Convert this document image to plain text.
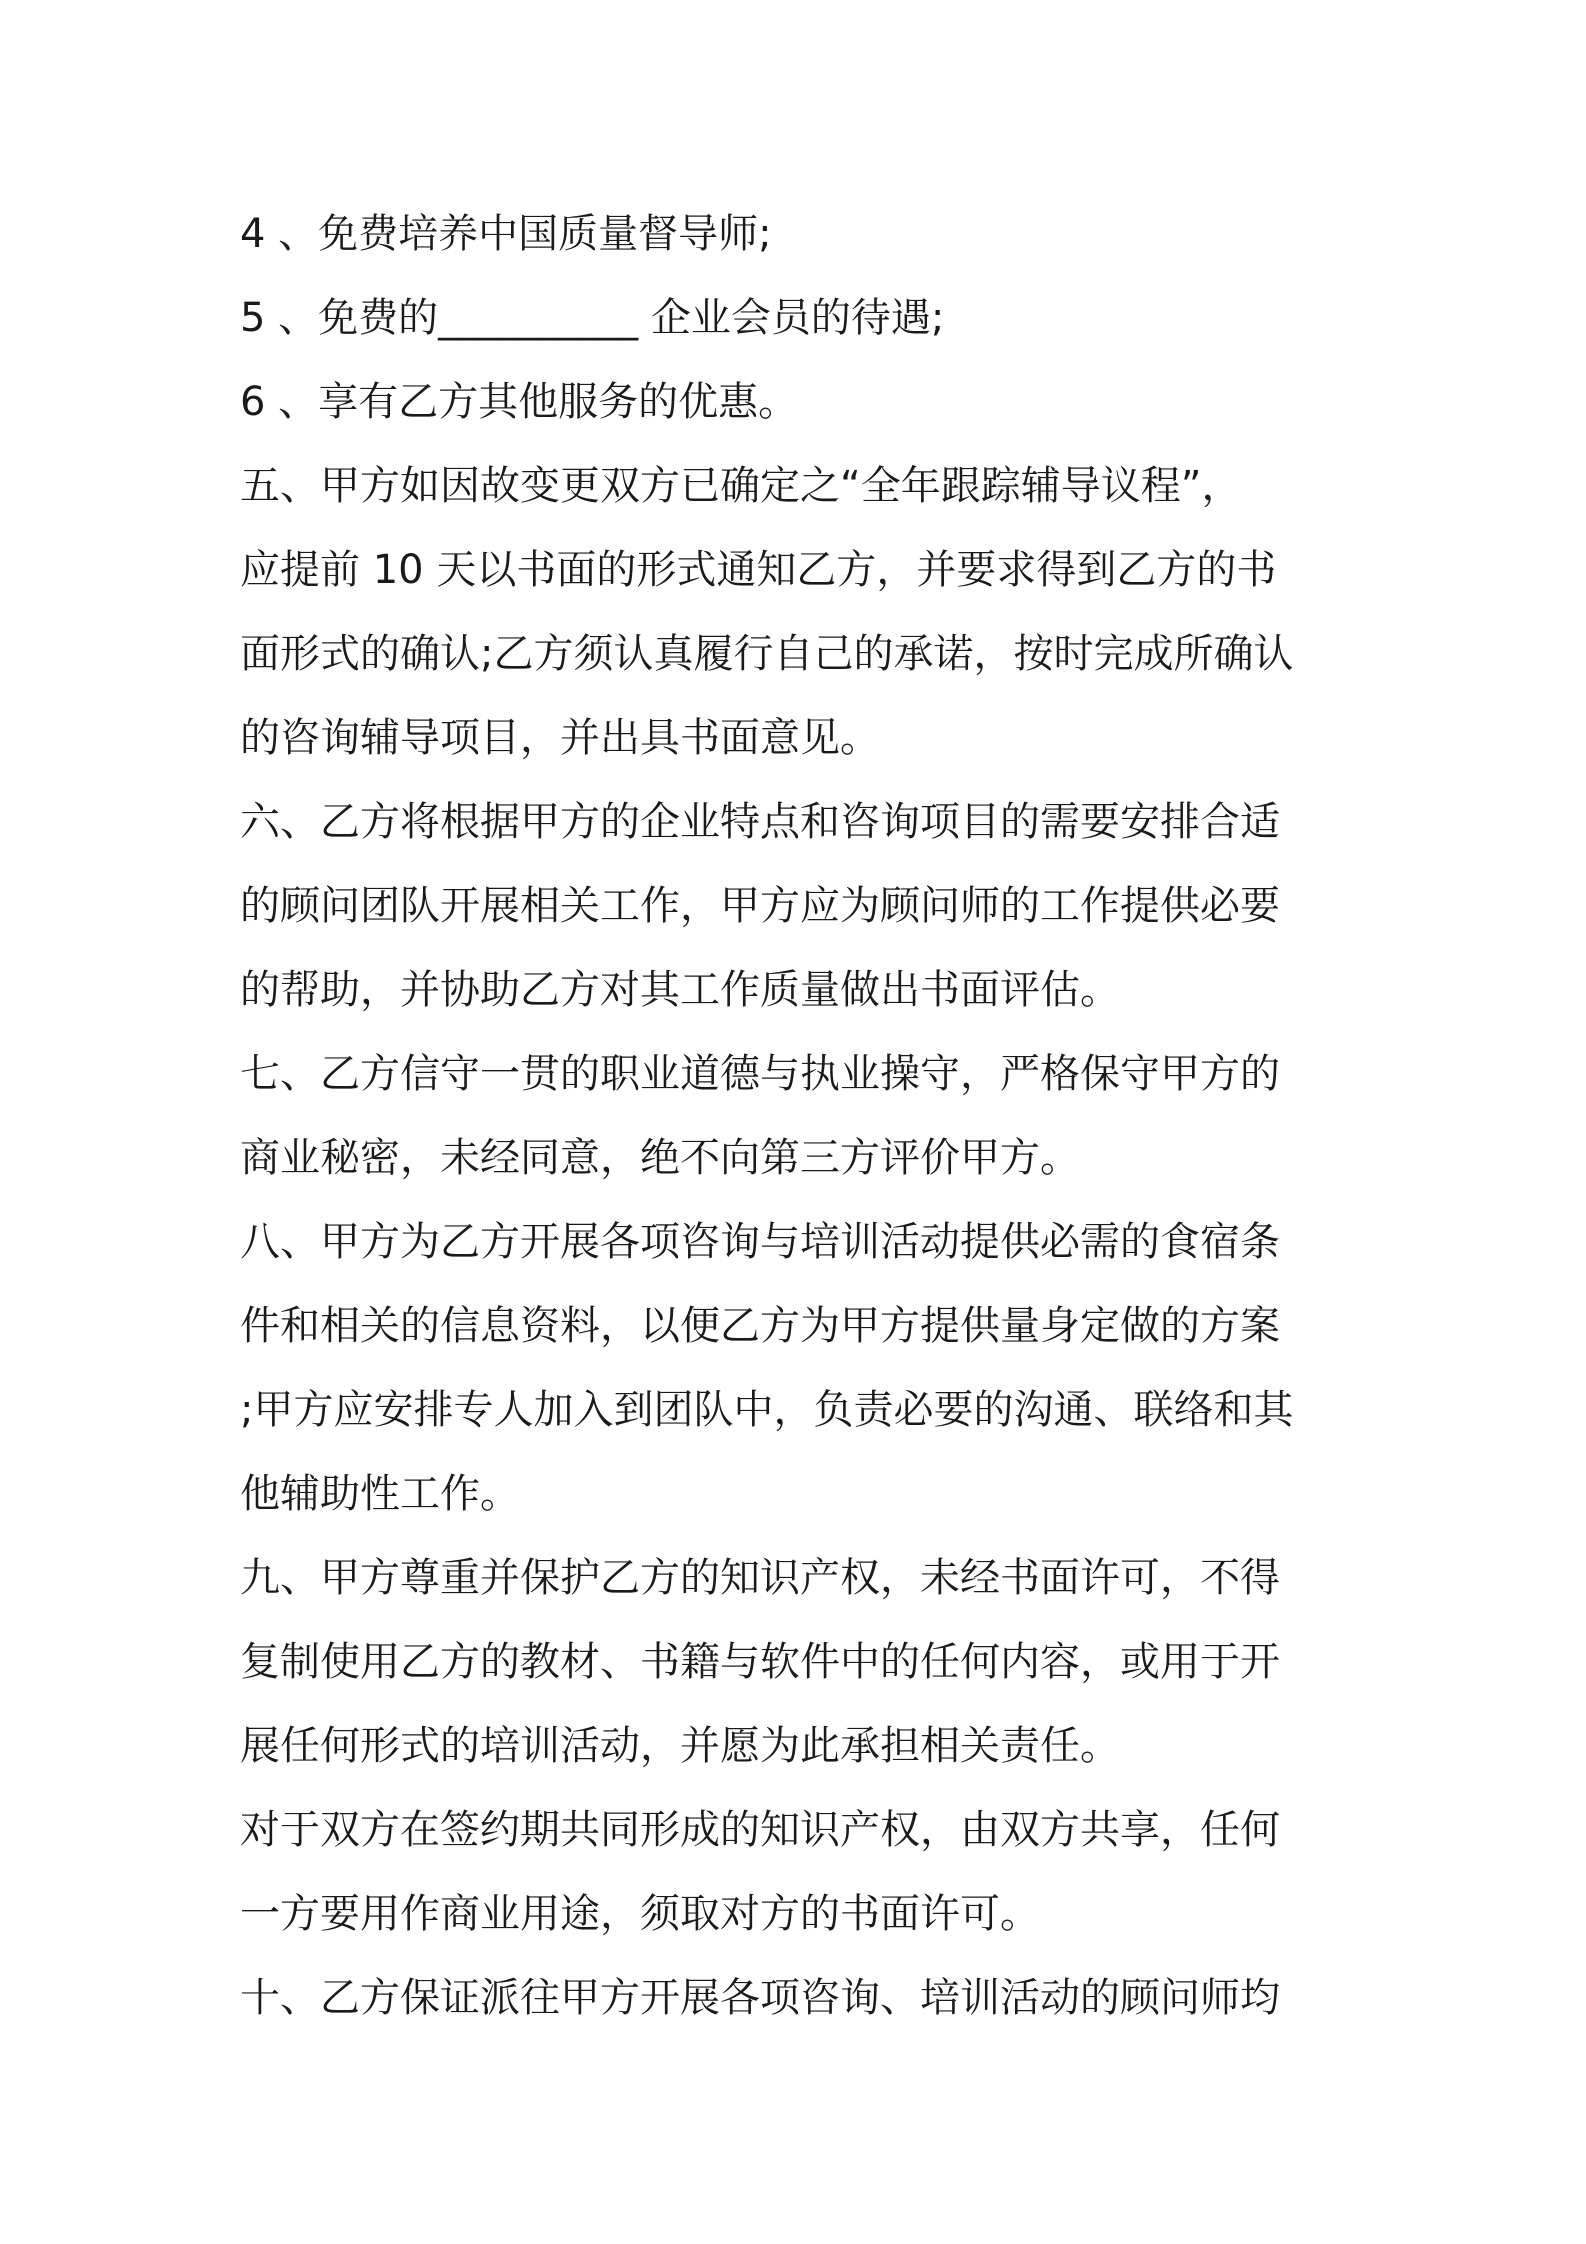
4 、免费培养中国质量督导师;
5 、免费的__________ 企业会员的待遇;
6 、享有乙方其他服务的优惠。
五、甲方如因故变更双方已确定之“全年跟踪辅导议程”，
应提前 10 天以书面的形式通知乙方，并要求得到乙方的书
面形式的确认;乙方须认真履行自己的承诺，按时完成所确认
的咨询辅导项目，并出具书面意见。
六、乙方将根据甲方的企业特点和咨询项目的需要安排合适
的顾问团队开展相关工作，甲方应为顾问师的工作提供必要
的帮助，并协助乙方对其工作质量做出书面评估。
七、乙方信守一贯的职业道德与执业操守，严格保守甲方的
商业秘密，未经同意，绝不向第三方评价甲方。
八、甲方为乙方开展各项咨询与培训活动提供必需的食宿条
件和相关的信息资料，以便乙方为甲方提供量身定做的方案
;甲方应安排专人加入到团队中，负责必要的沟通、联络和其
他辅助性工作。
九、甲方尊重并保护乙方的知识产权，未经书面许可，不得
复制使用乙方的教材、书籍与软件中的任何内容，或用于开
展任何形式的培训活动，并愿为此承担相关责任。
对于双方在签约期共同形成的知识产权，由双方共享，任何
一方要用作商业用途，须取对方的书面许可。
十、乙方保证派往甲方开展各项咨询、培训活动的顾问师均
